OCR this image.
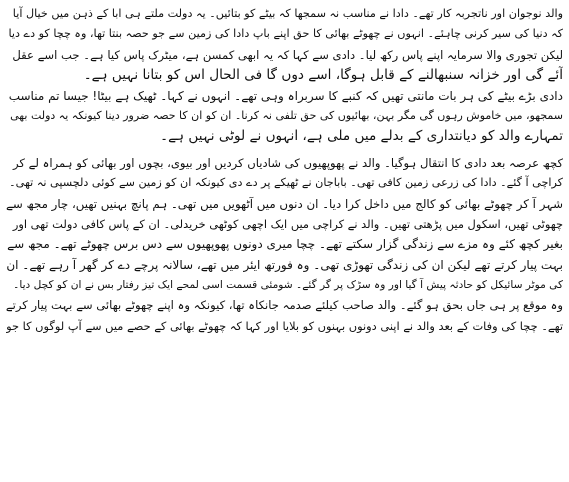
والد نوجوان اور ناتجربہ کار تھے۔ دادا نے مناسب نہ سمجھا کہ بیٹے کو بتائیں۔ یہ دولت ملتے ہی ابا کے ذہن میں خیال آیا
کہ دنیا کی سیر کرنی چاہئے۔ انہوں نے چھوٹے بھائی کا حق اپنے باپ دادا کی زمین سے جو حصہ بنتا تھا، وہ چچا کو دے دیا
لیکن تجوری والا سرمایہ اپنے پاس رکھ لیا۔ دادی سے کہا کہ یہ ابھی کمسن ہے، میٹرک پاس کیا ہے۔ جب اسے عقل
آئے گی اور خزانہ سنبھالنے کے قابل ہوگا، اسے دوں گا فی الحال اس کو بتانا نہیں ہے۔
دادی بڑے بیٹے کی ہر بات مانتی تھیں کہ کنبے کا سربراہ وہی تھے۔ انہوں نے کہا۔ ٹھیک ہے بیٹا! جیسا تم مناسب
سمجھو، میں خاموش رہوں گی مگر بہن، بھائیوں کی حق تلفی نہ کرنا۔ ان کو ان کا حصہ ضرور دینا کیونکہ یہ دولت بھی
تمہارے والد کو دیانتداری کے بدلے میں ملی ہے، انہوں نے لوٹی نہیں ہے۔
کچھ عرصہ بعد دادی کا انتقال ہوگیا۔ والد نے پھوپھیوں کی شادیاں کردیں اور بیوی، بچوں اور بھائی کو ہمراہ لے کر
کراچی آ گئے۔ دادا کی زرعی زمین کافی تھی۔ باباجان نے ٹھیکے پر دے دی کیونکہ ان کو زمین سے کوئی دلچسپی نہ تھی۔
شہر آ کر چھوٹے بھائی کو کالج میں داخل کرا دیا۔ ان دنوں میں آٹھویں میں تھی۔ ہم پانچ بہنیں تھیں، چار مجھ سے
چھوٹی تھیں، اسکول میں پڑھتی تھیں۔ والد نے کراچی میں ایک اچھی کوٹھی خریدلی۔ ان کے پاس کافی دولت تھی اور
بغیر کچھ کئے وہ مزے سے زندگی گزار سکتے تھے۔ چچا میری دونوں پھوپھیوں سے دس برس چھوٹے تھے۔ مجھ سے
بہت پیار کرتے تھے لیکن ان کی زندگی تھوڑی تھی۔ وہ فورتھ ایئر میں تھے، سالانہ پرچے دے کر گھر آ رہے تھے۔ ان
کی موٹر سائیکل کو حادثہ پیش آ گیا اور وہ سڑک پر گر گئے۔ شومئی قسمت اسی لمحے ایک تیز رفتار بس نے ان کو کچل دیا۔
وہ موقع پر ہی جاں بحق ہو گئے۔ والد صاحب کیلئے صدمہ جانکاہ تھا، کیونکہ وہ اپنے چھوٹے بھائی سے بہت پیار کرتے
تھے۔ چچا کی وفات کے بعد والد نے اپنی دونوں بہنوں کو بلایا اور کہا کہ چھوٹے بھائی کے حصے میں سے آپ لوگوں کا جو
